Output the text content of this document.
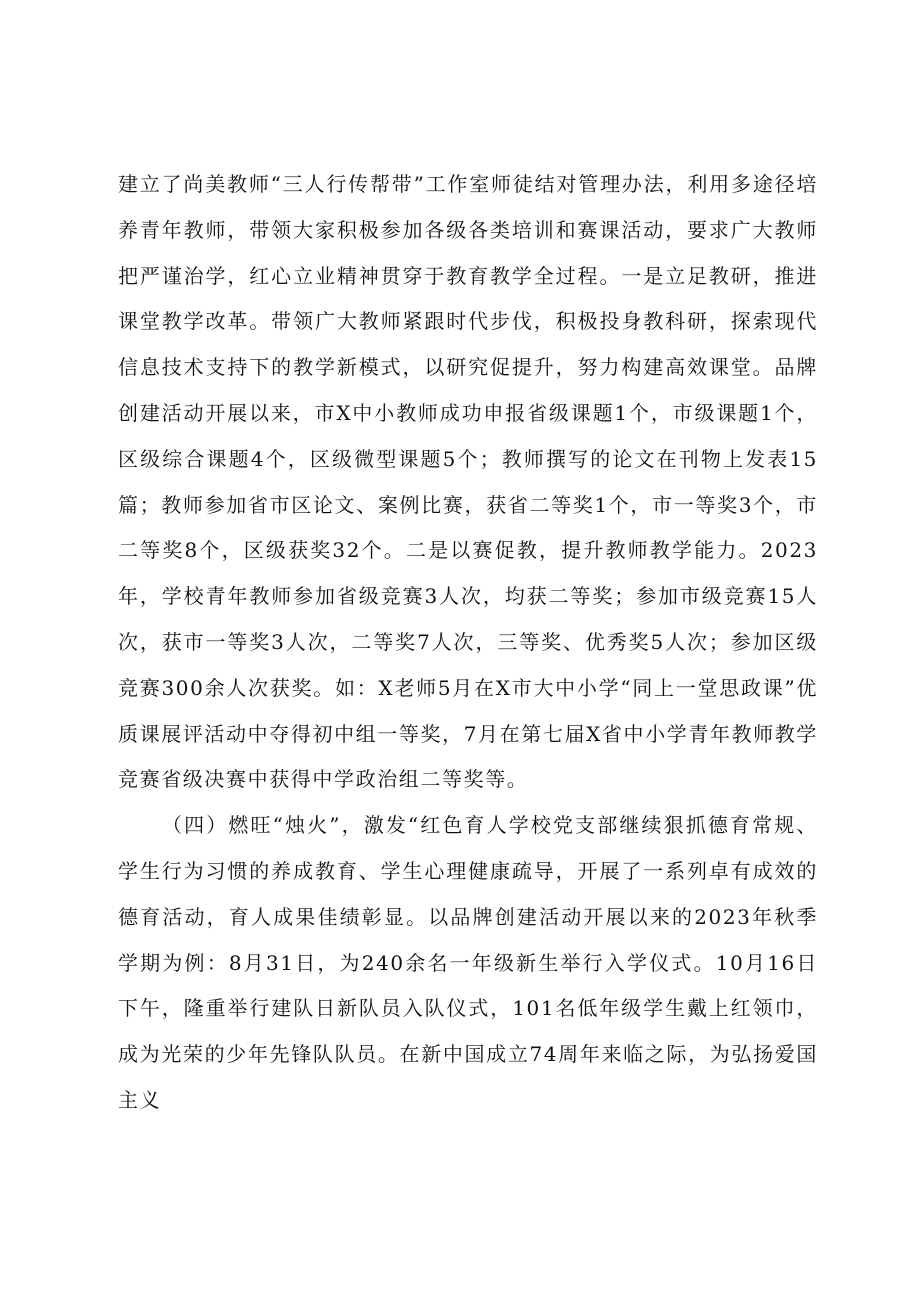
建立了尚美教师“三人行传帮带”工作室师徒结对管理办法，利用多途径培养青年教师，带领大家积极参加各级各类培训和赛课活动，要求广大教师把严谨治学，红心立业精神贯穿于教育教学全过程。一是立足教研，推进课堂教学改革。带领广大教师紧跟时代步伐，积极投身教科研，探索现代信息技术支持下的教学新模式，以研究促提升，努力构建高效课堂。品牌创建活动开展以来，市X中小教师成功申报省级课题1个，市级课题1个，区级综合课题4个，区级微型课题5个；教师撰写的论文在刊物上发表15篇；教师参加省市区论文、案例比赛，获省二等奖1个，市一等奖3个，市二等奖8个，区级获奖32个。二是以赛促教，提升教师教学能力。2023年，学校青年教师参加省级竞赛3人次，均获二等奖；参加市级竞赛15人次，获市一等奖3人次，二等奖7人次，三等奖、优秀奖5人次；参加区级竞赛300余人次获奖。如：X老师5月在X市大中小学“同上一堂思政课”优质课展评活动中夺得初中组一等奖，7月在第七届X省中小学青年教师教学竞赛省级决赛中获得中学政治组二等奖等。

（四）燃旺“烛火”，激发“红色育人学校党支部继续狠抓德育常规、学生行为习惯的养成教育、学生心理健康疏导，开展了一系列卓有成效的德育活动，育人成果佳绩彰显。以品牌创建活动开展以来的2023年秋季学期为例：8月31日，为240余名一年级新生举行入学仪式。10月16日下午，隆重举行建队日新队员入队仪式，101名低年级学生戴上红领巾，成为光荣的少年先锋队队员。在新中国成立74周年来临之际，为弘扬爱国主义
